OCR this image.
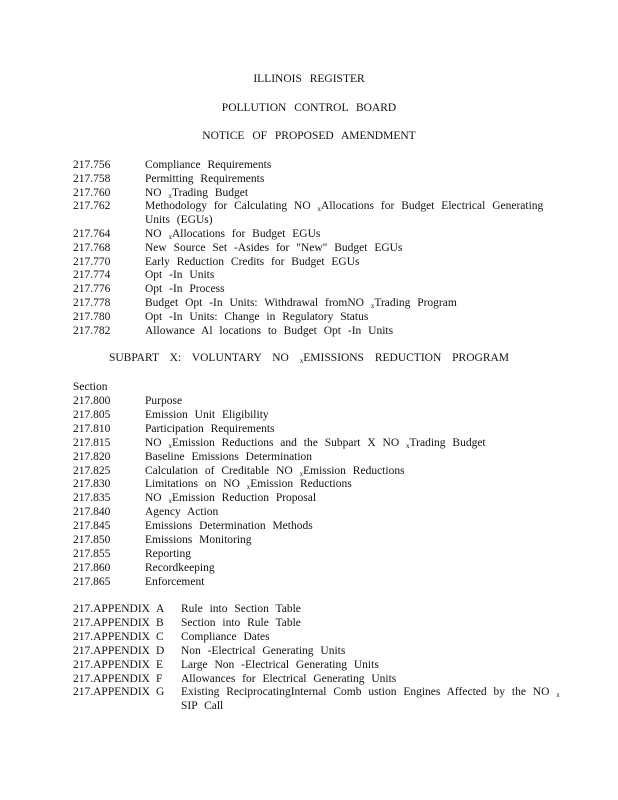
ILLINOIS REGISTER
POLLUTION CONTROL BOARD
NOTICE OF PROPOSED AMENDMENT
217.756	Compliance Requirements
217.758	Permitting Requirements
217.760	NO $_x$Trading Budget
217.762	Methodology for Calculating NO $_x$Allocations for Budget Electrical Generating
Units (EGUs)
217.764	NO $_x$Allocations for Budget EGUs
217.768	New Source Set -Asides for "New" Budget EGUs
217.770	Early Reduction Credits for Budget EGUs
217.774	Opt -In Units
217.776	Opt -In Process
217.778	Budget Opt -In Units: Withdrawal fromNO $_x$Trading Program
217.780	Opt -In Units: Change in Regulatory Status
217.782	Allowance Al locations to Budget Opt -In Units
SUBPART X: VOLUNTARY NO $_x$EMISSIONS REDUCTION PROGRAM
Section
217.800	Purpose
217.805	Emission Unit Eligibility
217.810	Participation Requirements
217.815	NO $_x$Emission Reductions and the Subpart X NO $_x$Trading Budget
217.820	Baseline Emissions Determination
217.825	Calculation of Creditable NO $_x$Emission Reductions
217.830	Limitations on NO $_x$Emission Reductions
217.835	NO $_x$Emission Reduction Proposal
217.840	Agency Action
217.845	Emissions Determination Methods
217.850	Emissions Monitoring
217.855	Reporting
217.860	Recordkeeping
217.865	Enforcement
217.APPENDIX A Rule into Section Table
217.APPENDIX B Section into Rule Table
217.APPENDIX C Compliance Dates
217.APPENDIX D Non -Electrical Generating Units
217.APPENDIX E Large Non -Electrical Generating Units
217.APPENDIX F Allowances for Electrical Generating Units
217.APPENDIX G Existing ReciprocatingInternal Comb ustion Engines Affected by the NO $_x$
SIP Call
